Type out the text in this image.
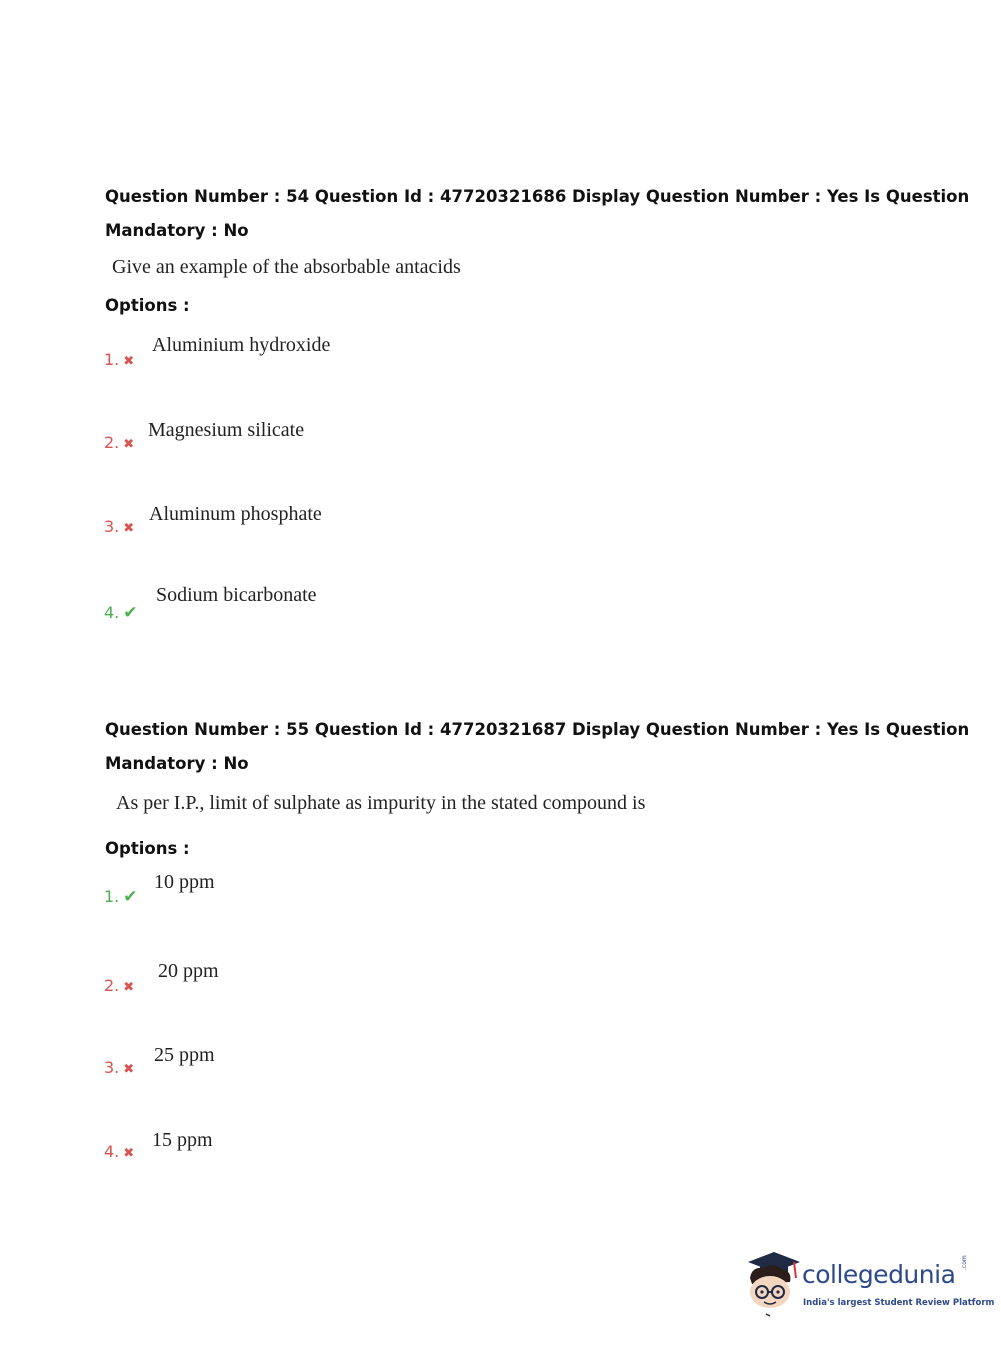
Question Number : 54 Question Id : 47720321686 Display Question Number : Yes Is Question
Mandatory : No
Give an example of the absorbable antacids
Options :
1. ✖
Aluminium hydroxide
2. ✖
Magnesium silicate
3. ✖
Aluminum phosphate
4. ✔
Sodium bicarbonate
Question Number : 55 Question Id : 47720321687 Display Question Number : Yes Is Question
Mandatory : No
As per I.P., limit of sulphate as impurity in the stated compound is
Options :
1. ✔
10 ppm
2. ✖
20 ppm
3. ✖
25 ppm
4. ✖
15 ppm
collegedunia .com
India's largest Student Review Platform
